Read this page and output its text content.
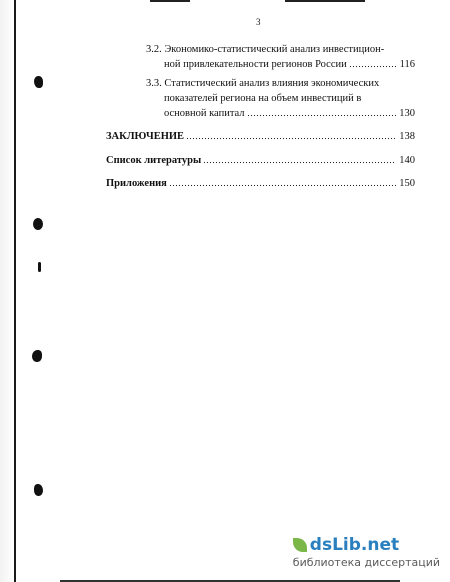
3
3.2. Экономико-статистический анализ инвестицион-
ной привлекательности регионов России	116
3.3. Статистический анализ влияния экономических
показателей региона на объем инвестиций в
основной капитал	130
ЗАКЛЮЧЕНИЕ	138
Список литературы	140
Приложения	150
dsLib.net
библиотека диссертаций
